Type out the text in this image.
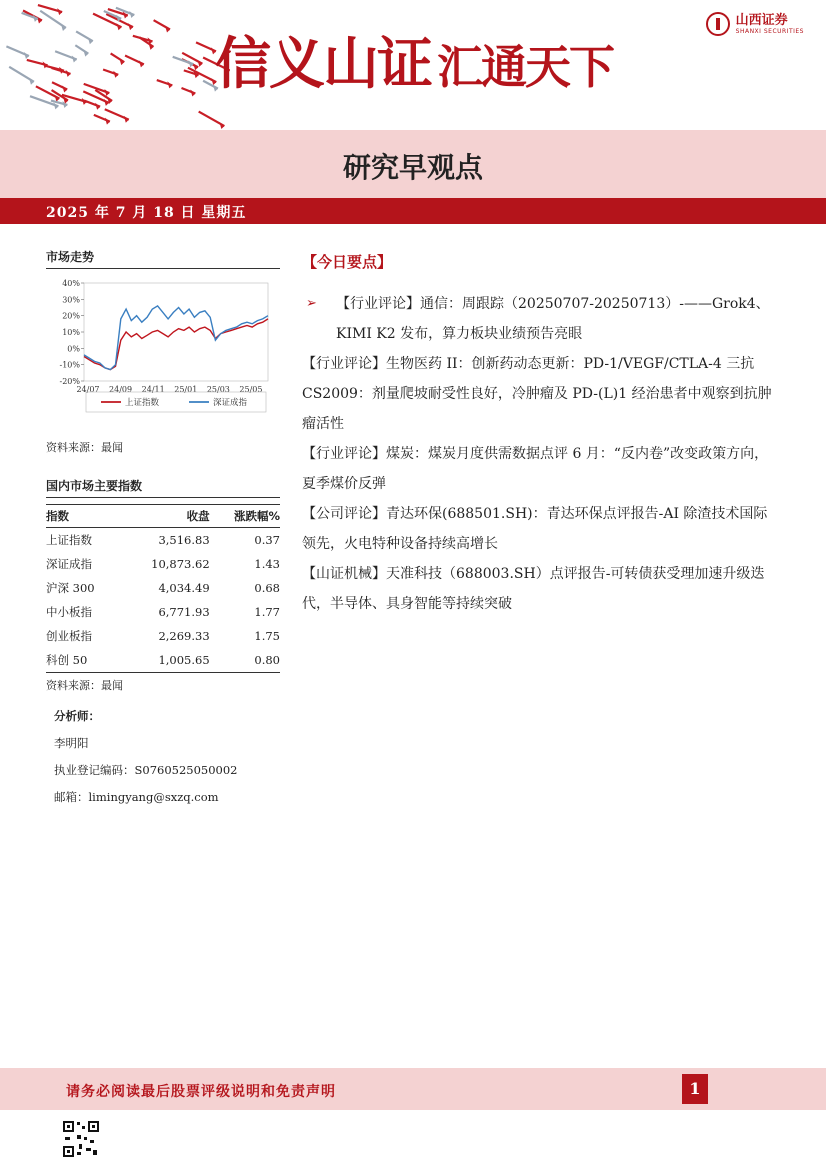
信义山证 汇通天下
山西证券
SHANXI SECURITIES
研究早观点
2025 年 7 月 18 日 星期五
市场走势
40%
30%
20%
10%
0%
-10%
-20%
24/07 24/09 24/11 25/01 25/03 25/05
上证指数	深证成指
资料来源：最闻
国内市场主要指数
指数	收盘	涨跌幅%
上证指数	3,516.83	0.37
深证成指	10,873.62	1.43
沪深 300	4,034.49	0.68
中小板指	6,771.93	1.77
创业板指	2,269.33	1.75
科创 50	1,005.65	0.80
资料来源：最闻
分析师：
李明阳
执业登记编码：S0760525050002
邮箱：limingyang@sxzq.com
【今日要点】

➢ 【行业评论】通信：周跟踪（20250707-20250713）-——Grok4、KIMI K2 发布，算力板块业绩预告亮眼

【行业评论】生物医药 II：创新药动态更新：PD-1/VEGF/CTLA-4 三抗 CS2009：剂量爬坡耐受性良好，冷肿瘤及 PD-(L)1 经治患者中观察到抗肿瘤活性

【行业评论】煤炭：煤炭月度供需数据点评 6 月：“反内卷”改变政策方向，夏季煤价反弹

【公司评论】青达环保(688501.SH)：青达环保点评报告-AI 除渣技术国际领先，火电特种设备持续高增长

【山证机械】天准科技（688003.SH）点评报告-可转债获受理加速升级迭代，半导体、具身智能等持续突破

请务必阅读最后股票评级说明和免责声明	1
